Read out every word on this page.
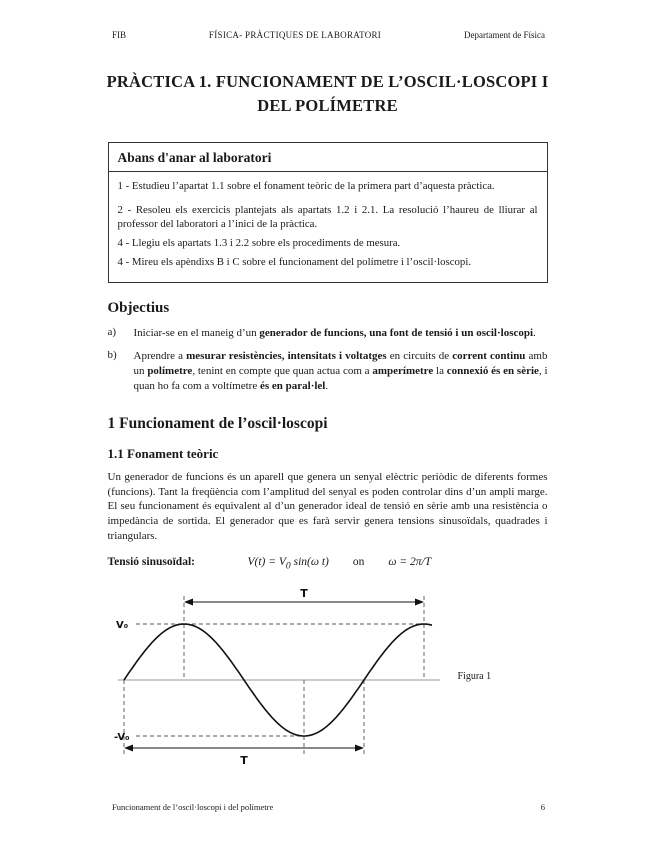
FIB	FÍSICA- PRÀCTIQUES DE LABORATORI	Departament de Física
PRÀCTICA 1. FUNCIONAMENT DE L’OSCIL·LOSCOPI I DEL POLÍMETRE
Abans d'anar al laboratori
1 - Estudieu l’apartat 1.1 sobre el fonament teòric de la primera part d’aquesta pràctica.
2 - Resoleu els exercicis plantejats als apartats 1.2 i 2.1. La resolució l’haureu de lliurar al professor del laboratori a l’inici de la pràctica.
4 - Llegiu els apartats 1.3 i 2.2 sobre els procediments de mesura.
4 - Mireu els apèndixs B i C sobre el funcionament del polímetre i l’oscil·loscopi.
Objectius
a)	Iniciar-se en el maneig d’un generador de funcions, una font de tensió i un oscil·loscopi.
b)	Aprendre a mesurar resistències, intensitats i voltatges en circuits de corrent continu amb un polímetre, tenint en compte que quan actua com a amperímetre la connexió és en sèrie, i quan ho fa com a voltímetre és en paral·lel.
1 Funcionament de l’oscil·loscopi
1.1 Fonament teòric

Un generador de funcions és un aparell que genera un senyal elèctric periòdic de diferents formes (funcions). Tant la freqüència com l’amplitud del senyal es poden controlar dins d’un ampli marge. El seu funcionament és equivalent al d’un generador ideal de tensió en sèrie amb una resistència o impedància de sortida. El generador que es farà servir genera tensions sinusoïdals, quadrades i triangulars.

Tensió sinusoïdal:	$V(t) = V_0$ sin(ω t) on ω = 2π/T
V₀
-V₀
T
T
Figura 1
Funcionament de l’oscil·loscopi i del polímetre	6
